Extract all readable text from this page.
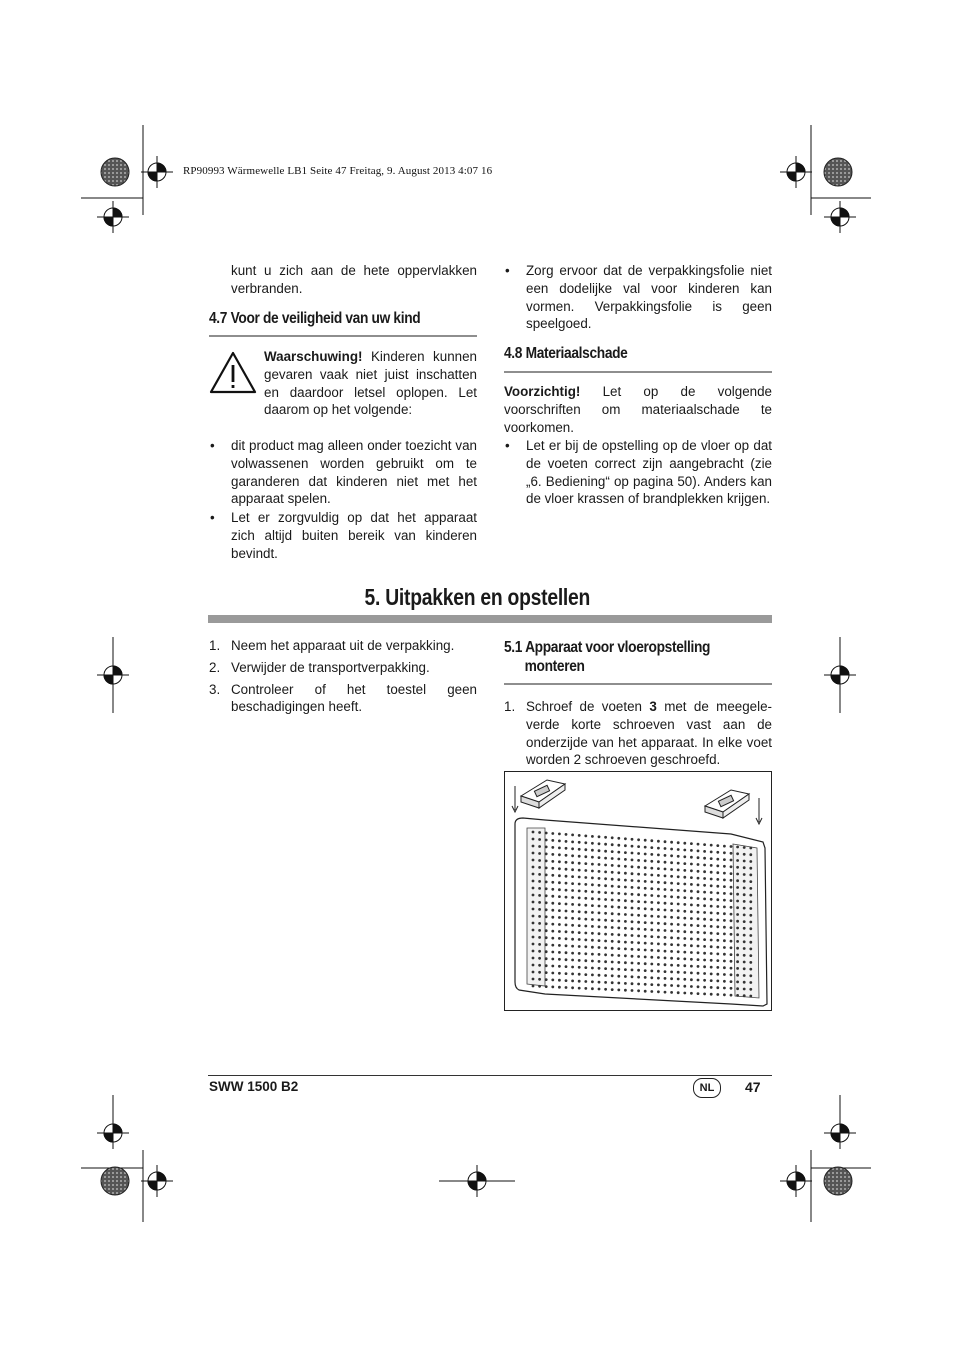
RP90993 Wärmewelle LB1 Seite 47 Freitag, 9. August 2013 4:07 16
kunt u zich aan de hete oppervlakken verbranden.
4.7 Voor de veiligheid van uw kind
Waarschuwing! Kinderen kunnen gevaren vaak niet juist inschatten en daardoor letsel oplopen. Let daarom op het volgende:
• dit product mag alleen onder toezicht van volwassenen worden gebruikt om te garanderen dat kinderen niet met het apparaat spelen.
• Let er zorgvuldig op dat het apparaat zich altijd buiten bereik van kinderen bevindt.
• Zorg ervoor dat de verpakkingsfolie niet een dodelijke val voor kinderen kan vormen. Verpakkingsfolie is geen speelgoed.
4.8 Materiaalschade
Voorzichtig! Let op de volgende voorschriften om materiaalschade te voorkomen.
• Let er bij de opstelling op de vloer op dat de voeten correct zijn aangebracht (zie „6. Bediening“ op pagina 50). Anders kan de vloer krassen of brandplekken krijgen.
5. Uitpakken en opstellen
1. Neem het apparaat uit de verpakking.
2. Verwijder de transportverpakking.
3. Controleer of het toestel geen beschadigingen heeft.
5.1 Apparaat voor vloeropstelling
monteren
1. Schroef de voeten 3 met de meegele-verde korte schroeven vast aan de onderzijde van het apparaat. In elke voet worden 2 schroeven geschroefd.
SWW 1500 B2	NL	47
